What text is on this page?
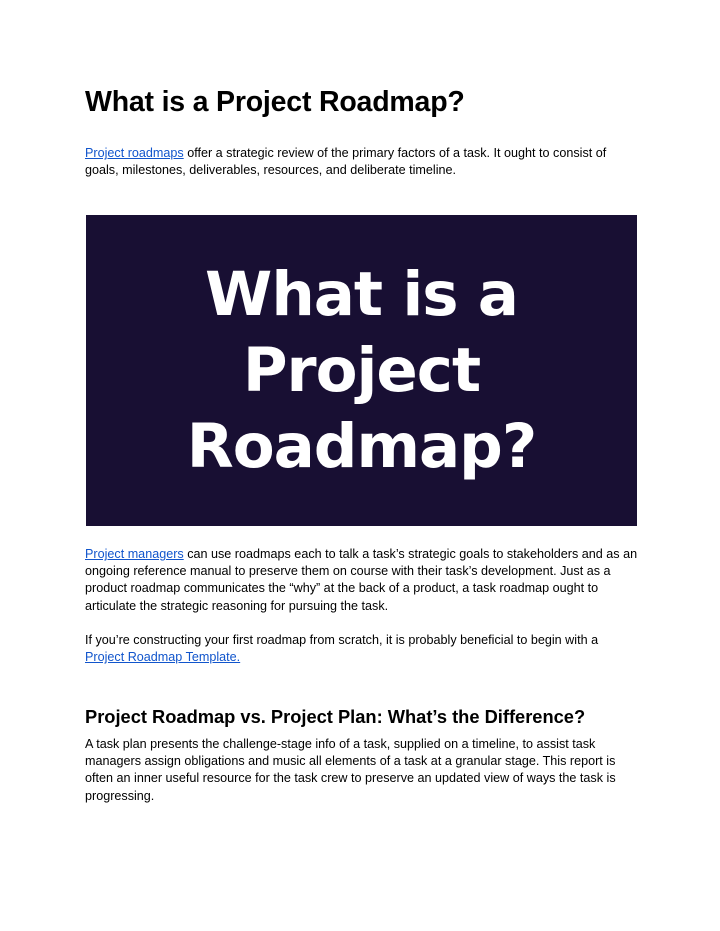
What is a Project Roadmap?

Project roadmaps offer a strategic review of the primary factors of a task. It ought to consist of goals, milestones, deliverables, resources, and deliberate timeline.

What is a
Project
Roadmap?

Project managers can use roadmaps each to talk a task’s strategic goals to stakeholders and as an ongoing reference manual to preserve them on course with their task’s development. Just as a product roadmap communicates the “why” at the back of a product, a task roadmap ought to articulate the strategic reasoning for pursuing the task.

If you’re constructing your first roadmap from scratch, it is probably beneficial to begin with a Project Roadmap Template.

Project Roadmap vs. Project Plan: What’s the Difference?

A task plan presents the challenge-stage info of a task, supplied on a timeline, to assist task managers assign obligations and music all elements of a task at a granular stage. This report is often an inner useful resource for the task crew to preserve an updated view of ways the task is progressing.
